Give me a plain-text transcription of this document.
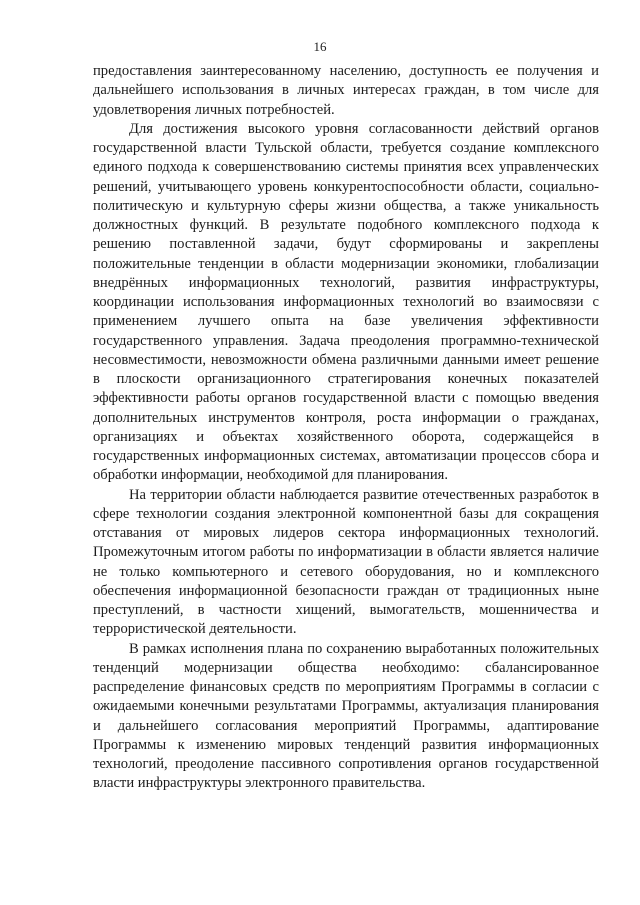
16

предоставления заинтересованному населению, доступность ее получения и дальнейшего использования в личных интересах граждан, в том числе для удовлетворения личных потребностей.

Для достижения высокого уровня согласованности действий органов государственной власти Тульской области, требуется создание комплексного единого подхода к совершенствованию системы принятия всех управленческих решений, учитывающего уровень конкурентоспособности области, социально-политическую и культурную сферы жизни общества, а также уникальность должностных функций. В результате подобного комплексного подхода к решению поставленной задачи, будут сформированы и закреплены положительные тенденции в области модернизации экономики, глобализации внедрённых информационных технологий, развития инфраструктуры, координации использования информационных технологий во взаимосвязи с применением лучшего опыта на базе увеличения эффективности государственного управления. Задача преодоления программно-технической несовместимости, невозможности обмена различными данными имеет решение в плоскости организационного стратегирования конечных показателей эффективности работы органов государственной власти с помощью введения дополнительных инструментов контроля, роста информации о гражданах, организациях и объектах хозяйственного оборота, содержащейся в государственных информационных системах, автоматизации процессов сбора и обработки информации, необходимой для планирования.

На территории области наблюдается развитие отечественных разработок в сфере технологии создания электронной компонентной базы для сокращения отставания от мировых лидеров сектора информационных технологий. Промежуточным итогом работы по информатизации в области является наличие не только компьютерного и сетевого оборудования, но и комплексного обеспечения информационной безопасности граждан от традиционных ныне преступлений, в частности хищений, вымогательств, мошенничества и террористической деятельности.

В рамках исполнения плана по сохранению выработанных положительных тенденций модернизации общества необходимо: сбалансированное распределение финансовых средств по мероприятиям Программы в согласии с ожидаемыми конечными результатами Программы, актуализация планирования и дальнейшего согласования мероприятий Программы, адаптирование Программы к изменению мировых тенденций развития информационных технологий, преодоление пассивного сопротивления органов государственной власти инфраструктуры электронного правительства.
